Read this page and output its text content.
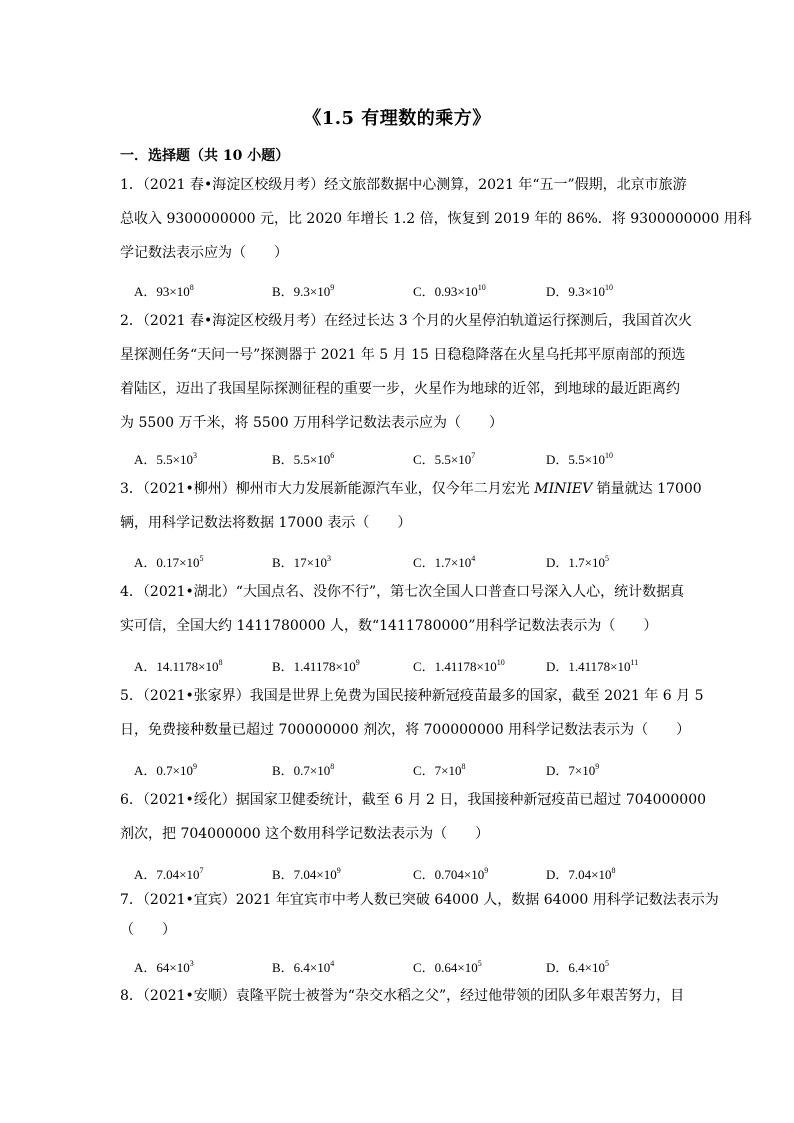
《1.5 有理数的乘方》
一．选择题（共 10 小题）
1．（2021 春•海淀区校级月考）经文旅部数据中心测算，2021 年“五一”假期，北京市旅游
总收入 9300000000 元，比 2020 年增长 1.2 倍，恢复到 2019 年的 86%．将 9300000000 用科
学记数法表示应为（　　）
A．$93\times 10^8$	B．$9.3\times 10^9$	C．$0.93\times 10^{10}$	D．$9.3\times 10^{10}$
2．（2021 春•海淀区校级月考）在经过长达 3 个月的火星停泊轨道运行探测后，我国首次火
星探测任务“天问一号”探测器于 2021 年 5 月 15 日稳稳降落在火星乌托邦平原南部的预选
着陆区，迈出了我国星际探测征程的重要一步，火星作为地球的近邻，到地球的最近距离约
为 5500 万千米，将 5500 万用科学记数法表示应为（　　）
A．$5.5\times 10^3$	B．$5.5\times 10^6$	C．$5.5\times 10^7$	D．$5.5\times 10^{10}$
3．（2021•柳州）柳州市大力发展新能源汽车业，仅今年二月宏光 MINIEV 销量就达 17000
辆，用科学记数法将数据 17000 表示（　　）
A．$0.17\times 10^5$	B．$17\times 10^3$	C．$1.7\times 10^4$	D．$1.7\times 10^5$
4．（2021•湖北）“大国点名、没你不行”，第七次全国人口普查口号深入人心，统计数据真
实可信，全国大约 1411780000 人，数“1411780000”用科学记数法表示为（　　）
A．$14.1178\times 10^8$	B．$1.41178\times 10^9$	C．$1.41178\times 10^{10}$	D．$1.41178\times 10^{11}$
5．（2021•张家界）我国是世界上免费为国民接种新冠疫苗最多的国家，截至 2021 年 6 月 5
日，免费接种数量已超过 700000000 剂次，将 700000000 用科学记数法表示为（　　）
A．$0.7\times 10^9$	B．$0.7\times 10^8$	C．$7\times 10^8$	D．$7\times 10^9$
6．（2021•绥化）据国家卫健委统计，截至 6 月 2 日，我国接种新冠疫苗已超过 704000000
剂次，把 704000000 这个数用科学记数法表示为（　　）
A．$7.04\times 10^7$	B．$7.04\times 10^9$	C．$0.704\times 10^9$	D．$7.04\times 10^8$
7．（2021•宜宾）2021 年宜宾市中考人数已突破 64000 人，数据 64000 用科学记数法表示为
（　　）
A．$64\times 10^3$	B．$6.4\times 10^4$	C．$0.64\times 10^5$	D．$6.4\times 10^5$
8．（2021•安顺）袁隆平院士被誉为“杂交水稻之父”，经过他带领的团队多年艰苦努力，目
